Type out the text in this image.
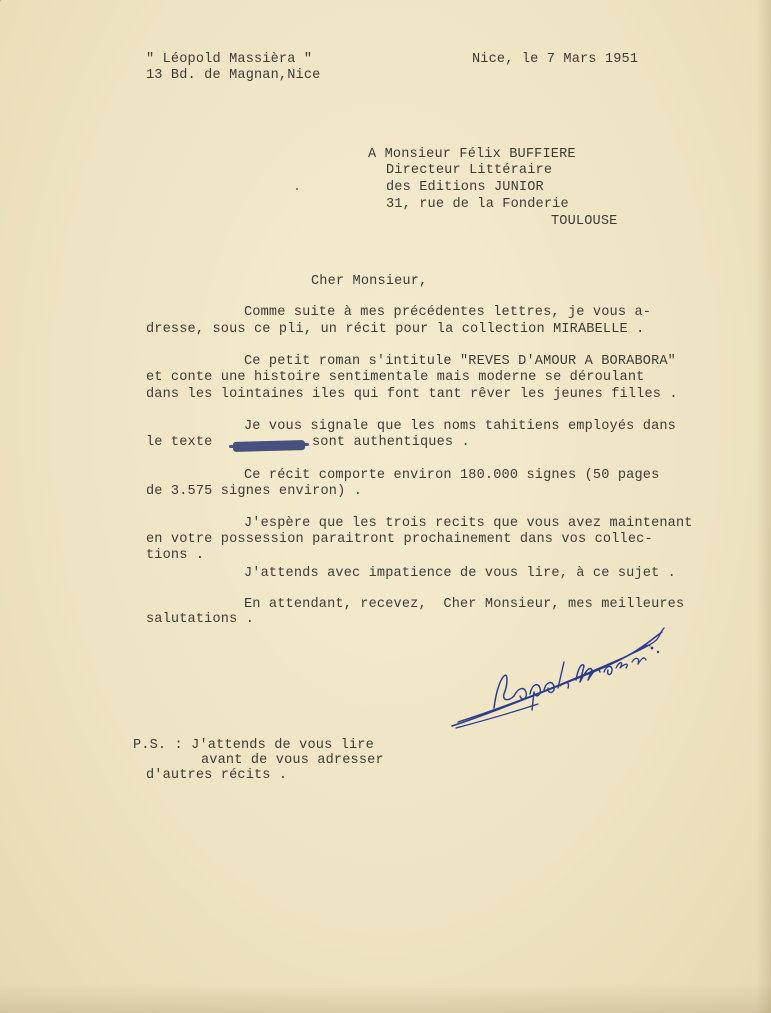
" Léopold Massièra "

13 Bd. de Magnan,Nice

Nice, le 7 Mars 1951

A Monsieur Félix BUFFIERE

Directeur Littéraire

des Editions JUNIOR

31, rue de la Fonderie

TOULOUSE

Cher Monsieur,

Comme suite à mes précédentes lettres, je vous a-

dresse, sous ce pli, un récit pour la collection MIRABELLE .

Ce petit roman s'intitule "REVES D'AMOUR A BORABORA"

et conte une histoire sentimentale mais moderne se déroulant

dans les lointaines iles qui font tant rêver les jeunes filles .

Je vous signale que les noms tahitiens employés dans

le texte	sont authentiques .

Ce récit comporte environ 180.000 signes (50 pages

de 3.575 signes environ) .

J'espère que les trois recits que vous avez maintenant

en votre possession paraitront prochainement dans vos collec-

tions .

J'attends avec impatience de vous lire, à ce sujet .

En attendant, recevez,  Cher Monsieur, mes meilleures

salutations .

P.S. : J'attends de vous lire

avant de vous adresser

d'autres récits .
